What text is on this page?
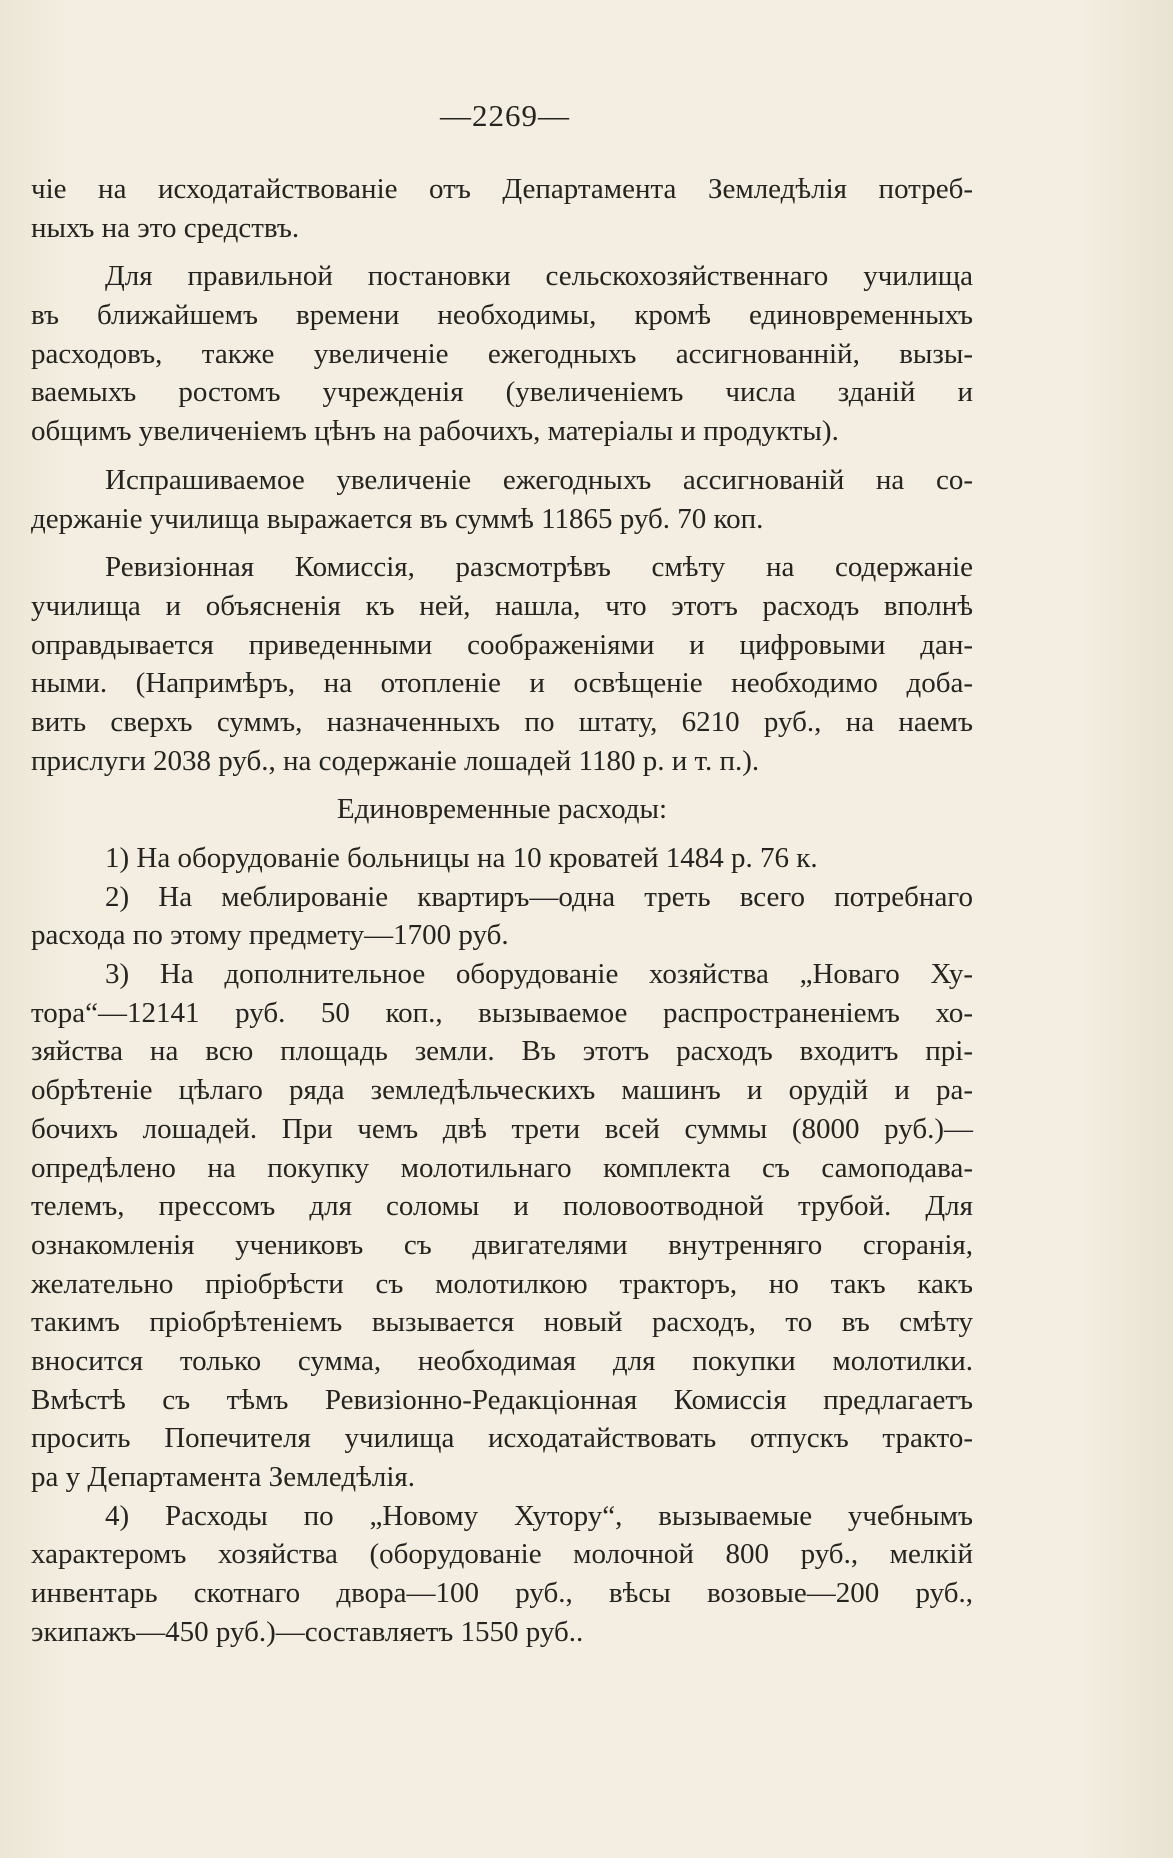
—2269—
чіе на исходатайствованіе отъ Департамента Земледѣлія потреб-
ныхъ на это средствъ.
Для правильной постановки сельскохозяйственнаго училища
въ ближайшемъ времени необходимы, кромѣ единовременныхъ
расходовъ, также увеличеніе ежегодныхъ ассигнованній, вызы-
ваемыхъ ростомъ учрежденія (увеличеніемъ числа зданій и
общимъ увеличеніемъ цѣнъ на рабочихъ, матеріалы и продукты).
Испрашиваемое увеличеніе ежегодныхъ ассигнованій на со-
держаніе училища выражается въ суммѣ 11865 руб. 70 коп.
Ревизіонная Комиссія, разсмотрѣвъ смѣту на содержаніе
училища и объясненія къ ней, нашла, что этотъ расходъ вполнѣ
оправдывается приведенными соображеніями и цифровыми дан-
ными. (Напримѣръ, на отопленіе и освѣщеніе необходимо доба-
вить сверхъ суммъ, назначенныхъ по штату, 6210 руб., на наемъ
прислуги 2038 руб., на содержаніе лошадей 1180 р. и т. п.).
Единовременные расходы:
1) На оборудованіе больницы на 10 кроватей 1484 р. 76 к.
2) На меблированіе квартиръ—одна треть всего потребнаго
расхода по этому предмету—1700 руб.
3) На дополнительное оборудованіе хозяйства „Новаго Ху-
тора“—12141 руб. 50 коп., вызываемое распространеніемъ хо-
зяйства на всю площадь земли. Въ этотъ расходъ входитъ прі-
обрѣтеніе цѣлаго ряда земледѣльческихъ машинъ и орудій и ра-
бочихъ лошадей. При чемъ двѣ трети всей суммы (8000 руб.)—
опредѣлено на покупку молотильнаго комплекта съ самоподава-
телемъ, прессомъ для соломы и половоотводной трубой. Для
ознакомленія учениковъ съ двигателями внутренняго сгоранія,
желательно пріобрѣсти съ молотилкою тракторъ, но такъ какъ
такимъ пріобрѣтеніемъ вызывается новый расходъ, то въ смѣту
вносится только сумма, необходимая для покупки молотилки.
Вмѣстѣ съ тѣмъ Ревизіонно-Редакціонная Комиссія предлагаетъ
просить Попечителя училища исходатайствовать отпускъ тракто-
ра у Департамента Земледѣлія.
4) Расходы по „Новому Хутору“, вызываемые учебнымъ
характеромъ хозяйства (оборудованіе молочной 800 руб., мелкій
инвентарь скотнаго двора—100 руб., вѣсы возовые—200 руб.,
экипажъ—450 руб.)—составляетъ 1550 руб..
